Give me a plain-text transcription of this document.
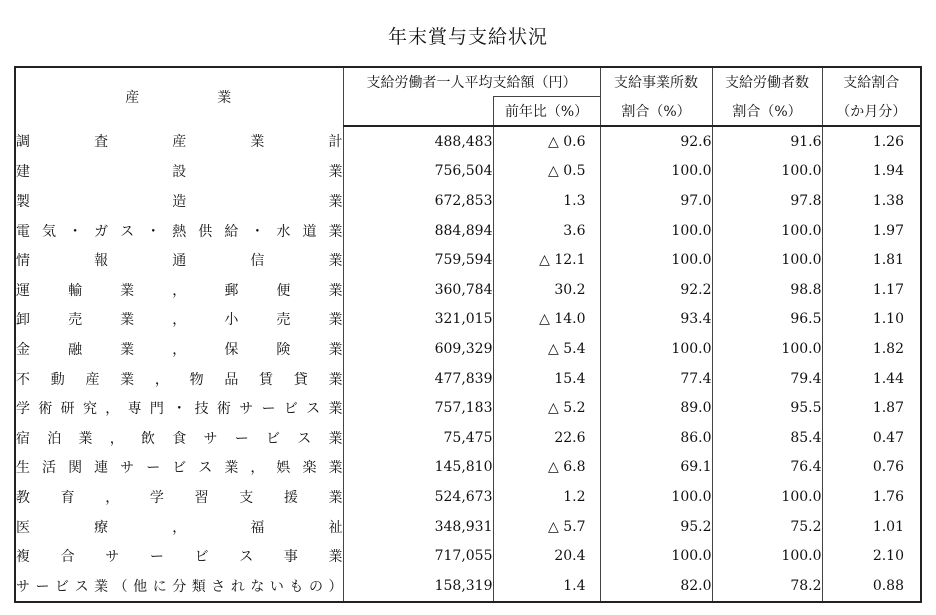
年末賞与支給状況
産　業	支給労働者一人平均支給額（円）		支給事業所数	支給労働者数	支給割合
		前年比（%）	割合（%）	割合（%）	（か月分）
調査産業計	488,483	△ 0.6	92.6	91.6	1.26
建設業	756,504	△ 0.5	100.0	100.0	1.94
製造業	672,853	1.3	97.0	97.8	1.38
電気・ガス・熱供給・水道業	884,894	3.6	100.0	100.0	1.97
情報通信業	759,594	△ 12.1	100.0	100.0	1.81
運輸業，郵便業	360,784	30.2	92.2	98.8	1.17
卸売業，小売業	321,015	△ 14.0	93.4	96.5	1.10
金融業，保険業	609,329	△ 5.4	100.0	100.0	1.82
不動産業，物品賃貸業	477,839	15.4	77.4	79.4	1.44
学術研究，専門・技術サービス業	757,183	△ 5.2	89.0	95.5	1.87
宿泊業，飲食サービス業	75,475	22.6	86.0	85.4	0.47
生活関連サービス業，娯楽業	145,810	△ 6.8	69.1	76.4	0.76
教育，学習支援業	524,673	1.2	100.0	100.0	1.76
医療，福祉	348,931	△ 5.7	95.2	75.2	1.01
複合サービス事業	717,055	20.4	100.0	100.0	2.10
サービス業（他に分類されないもの）	158,319	1.4	82.0	78.2	0.88
